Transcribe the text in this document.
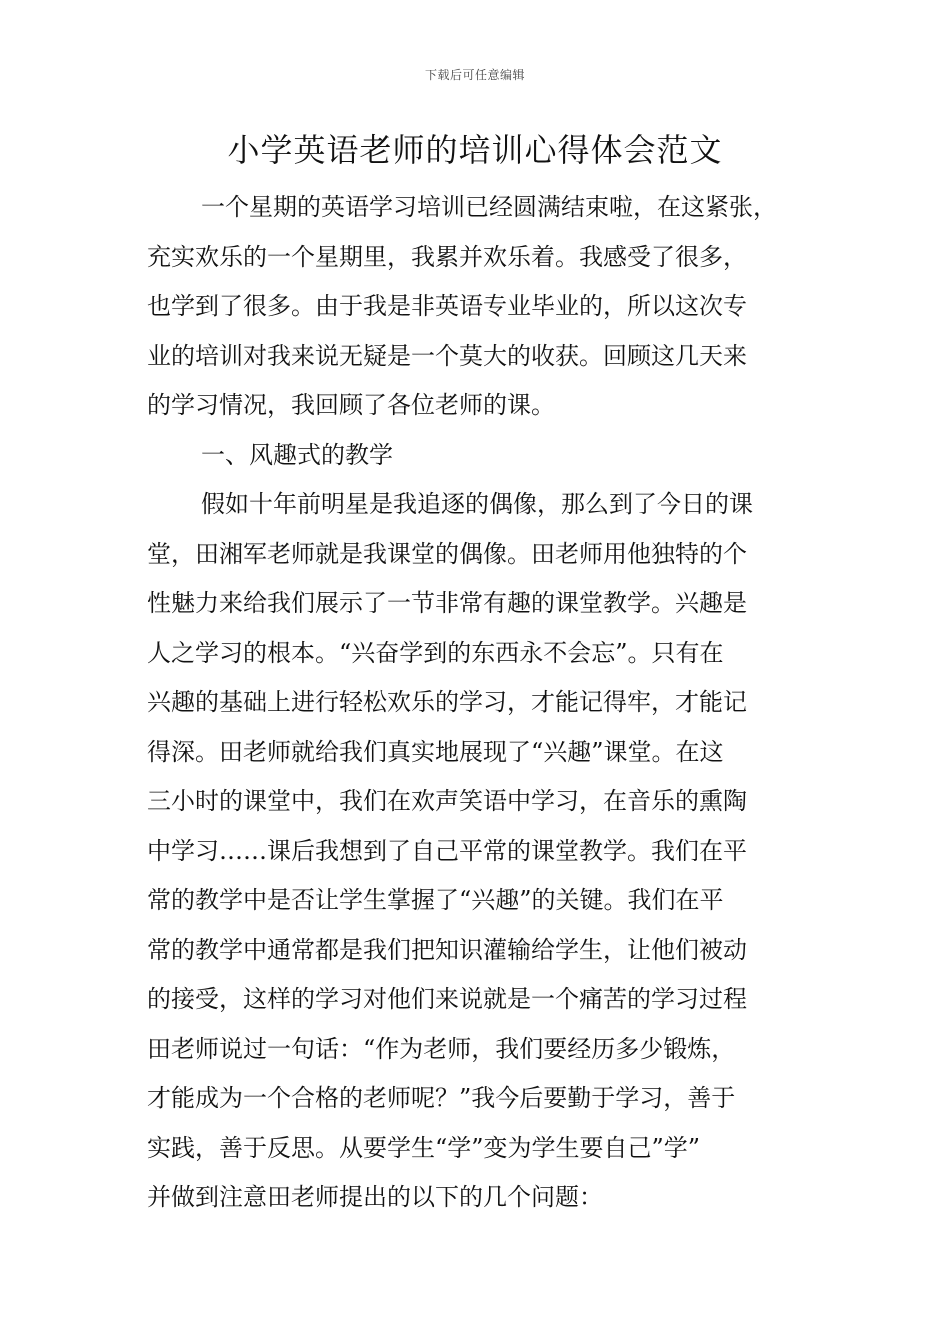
下载后可任意编辑
小学英语老师的培训心得体会范文
一个星期的英语学习培训已经圆满结束啦，在这紧张，
充实欢乐的一个星期里，我累并欢乐着。我感受了很多，
也学到了很多。由于我是非英语专业毕业的，所以这次专
业的培训对我来说无疑是一个莫大的收获。回顾这几天来
的学习情况，我回顾了各位老师的课。
一、风趣式的教学
假如十年前明星是我追逐的偶像，那么到了今日的课
堂，田湘军老师就是我课堂的偶像。田老师用他独特的个
性魅力来给我们展示了一节非常有趣的课堂教学。兴趣是
人之学习的根本。“兴奋学到的东西永不会忘”。只有在
兴趣的基础上进行轻松欢乐的学习，才能记得牢，才能记
得深。田老师就给我们真实地展现了“兴趣”课堂。在这
三小时的课堂中，我们在欢声笑语中学习，在音乐的熏陶
中学习……课后我想到了自己平常的课堂教学。我们在平
常的教学中是否让学生掌握了“兴趣”的关键。我们在平
常的教学中通常都是我们把知识灌输给学生，让他们被动
的接受，这样的学习对他们来说就是一个痛苦的学习过程
田老师说过一句话：“作为老师，我们要经历多少锻炼，
才能成为一个合格的老师呢？”我今后要勤于学习，善于
实践，善于反思。从要学生“学”变为学生要自己”学”
并做到注意田老师提出的以下的几个问题：
